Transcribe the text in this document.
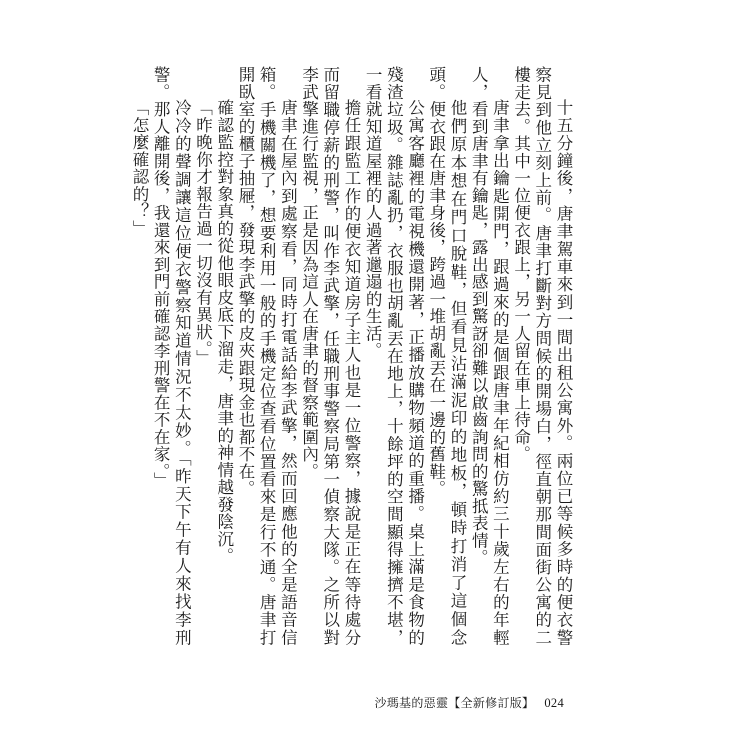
十五分鐘後，唐聿駕車來到一間出租公寓外。兩位已等候多時的便衣警察見到他立刻上前。唐聿打斷對方問候的開場白，徑直朝那間面街公寓的二樓走去。其中一位便衣跟上，另一人留在車上待命。

唐聿拿出鑰匙開門，跟過來的是個跟唐聿年紀相仿約三十歲左右的年輕人，看到唐聿有鑰匙，露出感到驚訝卻難以啟齒詢問的驚抵表情。

他們原本想在門口脫鞋，但看見沾滿泥印的地板，頓時打消了這個念頭。便衣跟在唐聿身後，跨過一堆胡亂丟在一邊的舊鞋。

公寓客廳裡的電視機還開著，正播放購物頻道的重播。桌上滿是食物的殘渣垃圾。雜誌亂扔，衣服也胡亂丟在地上，十餘坪的空間顯得擁擠不堪，一看就知道屋裡的人過著邋遢的生活。

擔任跟監工作的便衣知道房子主人也是一位警察，據說是正在等待處分而留職停薪的刑警，叫作李武擎，任職刑事警察局第一偵察大隊。之所以對李武擎進行監視，正是因為這人在唐聿的督察範圍內。

唐聿在屋內到處察看，同時打電話給李武擎，然而回應他的全是語音信箱。手機關機了，想要利用一般的手機定位查看位置看來是行不通。唐聿打開臥室的櫃子抽屜，發現李武擎的皮夾跟現金也都不在。

確認監控對象真的從他眼皮底下溜走，唐聿的神情越發陰沉。

「昨晚你才報告過一切沒有異狀。」

冷冷的聲調讓這位便衣警察知道情況不太妙。「昨天下午有人來找李刑警。那人離開後，我還來到門前確認李刑警在不在家。」

「怎麼確認的？」

沙瑪基的惡靈【全新修訂版】 024
